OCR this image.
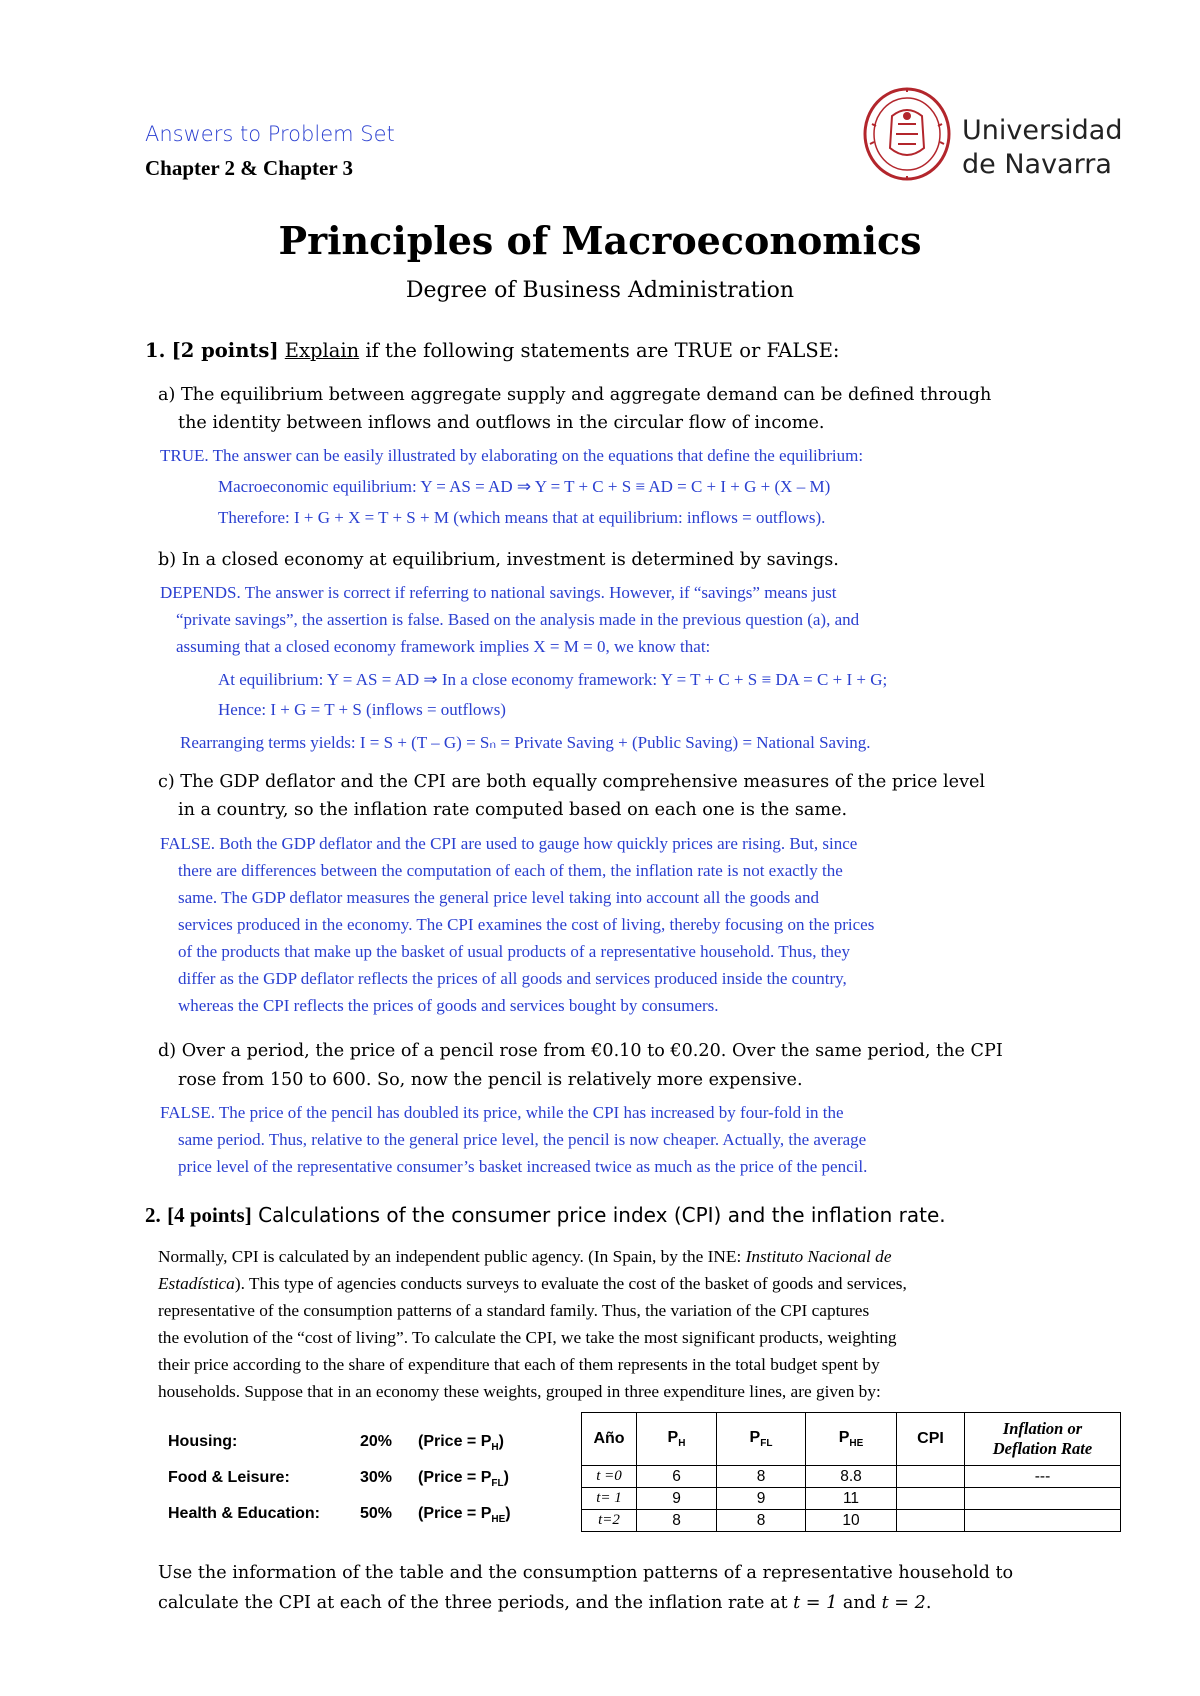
Answers to Problem Set
Chapter 2 & Chapter 3
Universidad
de Navarra
Principles of Macroeconomics
Degree of Business Administration
1. [2 points] Explain if the following statements are TRUE or FALSE:
a) The equilibrium between aggregate supply and aggregate demand can be defined through
the identity between inflows and outflows in the circular flow of income.
TRUE. The answer can be easily illustrated by elaborating on the equations that define the equilibrium:
Macroeconomic equilibrium: Y = AS = AD ⇒ Y = T + C + S ≡ AD = C + I + G + (X – M)
Therefore: I + G + X = T + S + M (which means that at equilibrium: inflows = outflows).
b) In a closed economy at equilibrium, investment is determined by savings.
DEPENDS. The answer is correct if referring to national savings. However, if “savings” means just
“private savings”, the assertion is false. Based on the analysis made in the previous question (a), and
assuming that a closed economy framework implies X = M = 0, we know that:
At equilibrium: Y = AS = AD ⇒ In a close economy framework: Y = T + C + S ≡ DA = C + I + G;
Hence: I + G = T + S (inflows = outflows)
Rearranging terms yields: I = S + (T – G) = Sₙ = Private Saving + (Public Saving) = National Saving.
c) The GDP deflator and the CPI are both equally comprehensive measures of the price level
in a country, so the inflation rate computed based on each one is the same.
FALSE. Both the GDP deflator and the CPI are used to gauge how quickly prices are rising. But, since
there are differences between the computation of each of them, the inflation rate is not exactly the
same. The GDP deflator measures the general price level taking into account all the goods and
services produced in the economy. The CPI examines the cost of living, thereby focusing on the prices
of the products that make up the basket of usual products of a representative household. Thus, they
differ as the GDP deflator reflects the prices of all goods and services produced inside the country,
whereas the CPI reflects the prices of goods and services bought by consumers.
d) Over a period, the price of a pencil rose from €0.10 to €0.20. Over the same period, the CPI
rose from 150 to 600. So, now the pencil is relatively more expensive.
FALSE. The price of the pencil has doubled its price, while the CPI has increased by four-fold in the
same period. Thus, relative to the general price level, the pencil is now cheaper. Actually, the average
price level of the representative consumer’s basket increased twice as much as the price of the pencil.
2. [4 points] Calculations of the consumer price index (CPI) and the inflation rate.
Normally, CPI is calculated by an independent public agency. (In Spain, by the INE: Instituto Nacional de
Estadística). This type of agencies conducts surveys to evaluate the cost of the basket of goods and services,
representative of the consumption patterns of a standard family. Thus, the variation of the CPI captures
the evolution of the “cost of living”. To calculate the CPI, we take the most significant products, weighting
their price according to the share of expenditure that each of them represents in the total budget spent by
households. Suppose that in an economy these weights, grouped in three expenditure lines, are given by:
Housing:	20% (Price = $P_H$)
Food & Leisure:	30% (Price = $P_{FL}$)
Health & Education: 50% (Price = $P_{HE}$)
Año	$P_H$	$P_{FL}$	$P_{HE}$	CPI	Inflation or
Deflation Rate

t =0	6	8	8.8		---
t= 1	9	9	11		
t=2	8	8	10		
Use the information of the table and the consumption patterns of a representative household to
calculate the CPI at each of the three periods, and the inflation rate at t = 1 and t = 2.
